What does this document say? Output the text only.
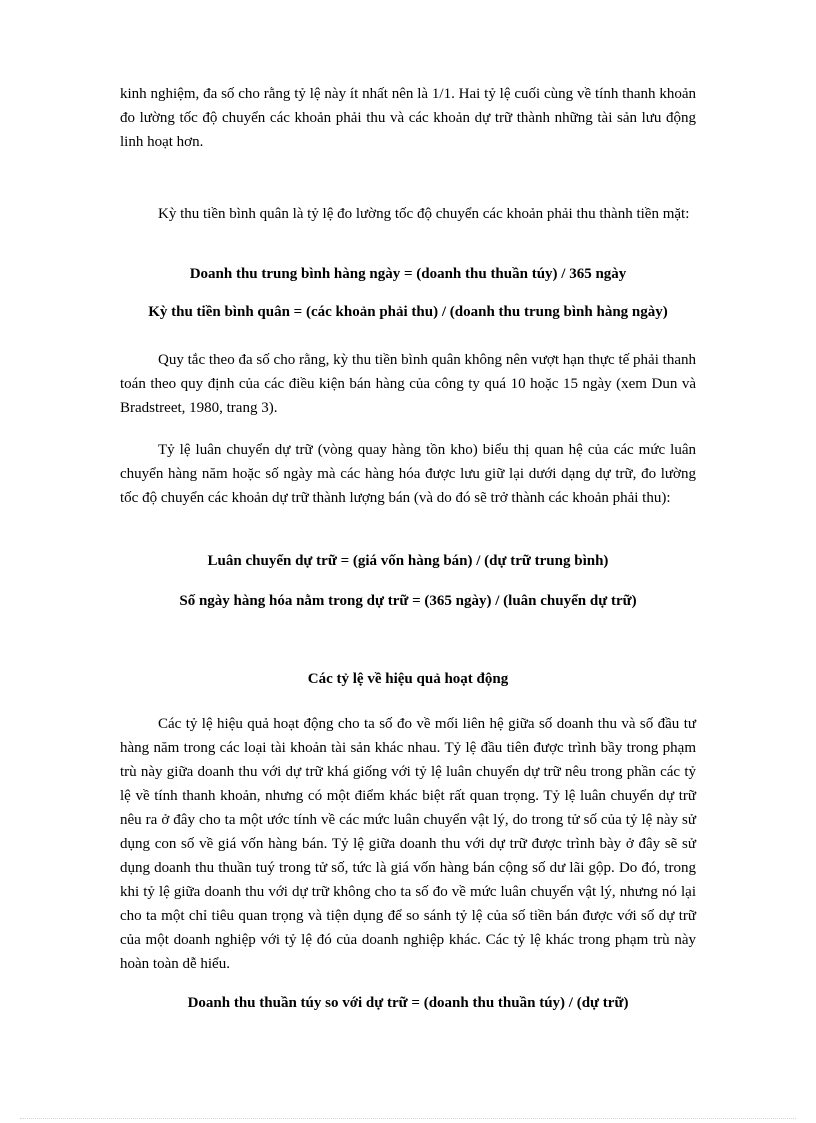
kinh nghiệm, đa số cho rằng tỷ lệ này ít nhất nên là 1/1. Hai tỷ lệ cuối cùng về tính thanh khoản đo lường tốc độ chuyển các khoản phải thu và các khoản dự trữ thành những tài sản lưu động linh hoạt hơn.

Kỳ thu tiền bình quân là tỷ lệ đo lường tốc độ chuyển các khoản phải thu thành tiền mặt:

Doanh thu trung bình hàng ngày = (doanh thu thuần túy) / 365 ngày
Kỳ thu tiền bình quân = (các khoản phải thu) / (doanh thu trung bình hàng ngày)

Quy tắc theo đa số cho rằng, kỳ thu tiền bình quân không nên vượt hạn thực tế phải thanh toán theo quy định của các điều kiện bán hàng của công ty quá 10 hoặc 15 ngày (xem Dun và Bradstreet, 1980, trang 3).

Tỷ lệ luân chuyển dự trữ (vòng quay hàng tồn kho) biểu thị quan hệ của các mức luân chuyển hàng năm hoặc số ngày mà các hàng hóa được lưu giữ lại dưới dạng dự trữ, đo lường tốc độ chuyển các khoản dự trữ thành lượng bán (và do đó sẽ trở thành các khoản phải thu):

Luân chuyển dự trữ = (giá vốn hàng bán) / (dự trữ trung bình)
Số ngày hàng hóa nằm trong dự trữ = (365 ngày) / (luân chuyển dự trữ)
Các tỷ lệ về hiệu quả hoạt động

Các tỷ lệ hiệu quả hoạt động cho ta số đo về mối liên hệ giữa số doanh thu và số đầu tư hàng năm trong các loại tài khoản tài sản khác nhau. Tỷ lệ đầu tiên được trình bầy trong phạm trù này giữa doanh thu với dự trữ khá giống với tỷ lệ luân chuyển dự trữ nêu trong phần các tỷ lệ về tính thanh khoản, nhưng có một điểm khác biệt rất quan trọng. Tỷ lệ luân chuyển dự trữ nêu ra ở đây cho ta một ước tính về các mức luân chuyển vật lý, do trong tử số của tỷ lệ này sử dụng con số về giá vốn hàng bán. Tỷ lệ giữa doanh thu với dự trữ được trình bày ở đây sẽ sử dụng doanh thu thuần tuý trong tử số, tức là giá vốn hàng bán cộng số dư lãi gộp. Do đó, trong khi tỷ lệ giữa doanh thu với dự trữ không cho ta số đo về mức luân chuyển vật lý, nhưng nó lại cho ta một chỉ tiêu quan trọng và tiện dụng để so sánh tỷ lệ của số tiền bán được với số dự trữ của một doanh nghiệp với tỷ lệ đó của doanh nghiệp khác. Các tỷ lệ khác trong phạm trù này hoàn toàn dễ hiểu.

Doanh thu thuần túy so với dự trữ = (doanh thu thuần túy) / (dự trữ)
